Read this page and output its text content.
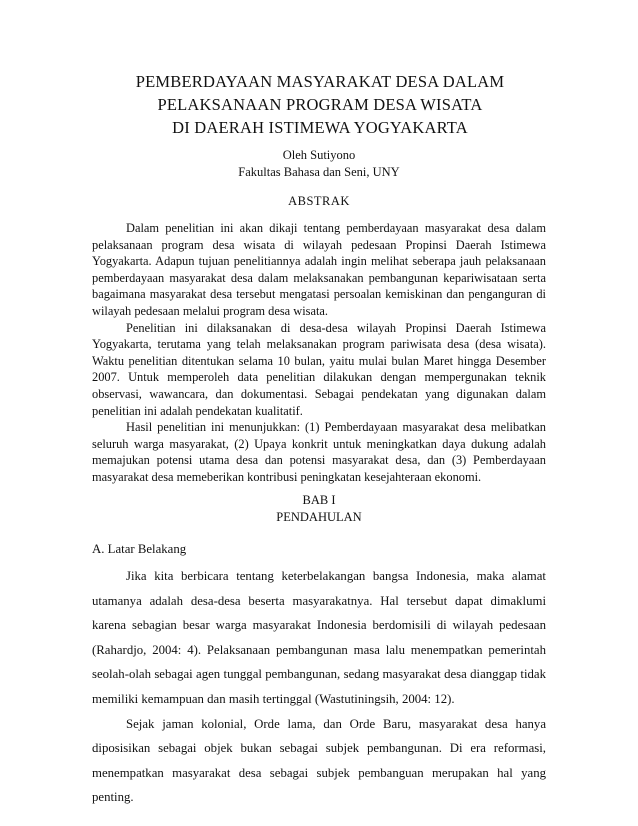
PEMBERDAYAAN MASYARAKAT DESA DALAM
PELAKSANAAN PROGRAM DESA WISATA
DI DAERAH ISTIMEWA YOGYAKARTA
Oleh Sutiyono
Fakultas Bahasa dan Seni, UNY
ABSTRAK

Dalam penelitian ini akan dikaji tentang pemberdayaan masyarakat desa dalam pelaksanaan program desa wisata di wilayah pedesaan Propinsi Daerah Istimewa Yogyakarta. Adapun tujuan penelitiannya adalah ingin melihat seberapa jauh pelaksanaan pemberdayaan masyarakat desa dalam melaksanakan pembangunan kepariwisataan serta bagaimana masyarakat desa tersebut mengatasi persoalan kemiskinan dan penganguran di wilayah pedesaan melalui program desa wisata.

Penelitian ini dilaksanakan di desa-desa wilayah Propinsi Daerah Istimewa Yogyakarta, terutama yang telah melaksanakan program pariwisata desa (desa wisata). Waktu penelitian ditentukan selama 10 bulan, yaitu mulai bulan Maret hingga Desember 2007. Untuk memperoleh data penelitian dilakukan dengan mempergunakan teknik observasi, wawancara, dan dokumentasi. Sebagai pendekatan yang digunakan dalam penelitian ini adalah pendekatan kualitatif.

Hasil penelitian ini menunjukkan: (1) Pemberdayaan masyarakat desa melibatkan seluruh warga masyarakat, (2) Upaya konkrit untuk meningkatkan daya dukung adalah memajukan potensi utama desa dan potensi masyarakat desa, dan (3) Pemberdayaan masyarakat desa memeberikan kontribusi peningkatan kesejahteraan ekonomi.

BAB I
PENDAHULAN
A. Latar Belakang

Jika kita berbicara tentang keterbelakangan bangsa Indonesia, maka alamat utamanya adalah desa-desa beserta masyarakatnya. Hal tersebut dapat dimaklumi karena sebagian besar warga masyarakat Indonesia berdomisili di wilayah pedesaan (Rahardjo, 2004: 4). Pelaksanaan pembangunan masa lalu menempatkan pemerintah seolah-olah sebagai agen tunggal pembangunan, sedang masyarakat desa dianggap tidak memiliki kemampuan dan masih tertinggal (Wastutiningsih, 2004: 12).

Sejak jaman kolonial, Orde lama, dan Orde Baru, masyarakat desa hanya diposisikan sebagai objek bukan sebagai subjek pembangunan. Di era reformasi, menempatkan masyarakat desa sebagai subjek pembanguan merupakan hal yang penting.
